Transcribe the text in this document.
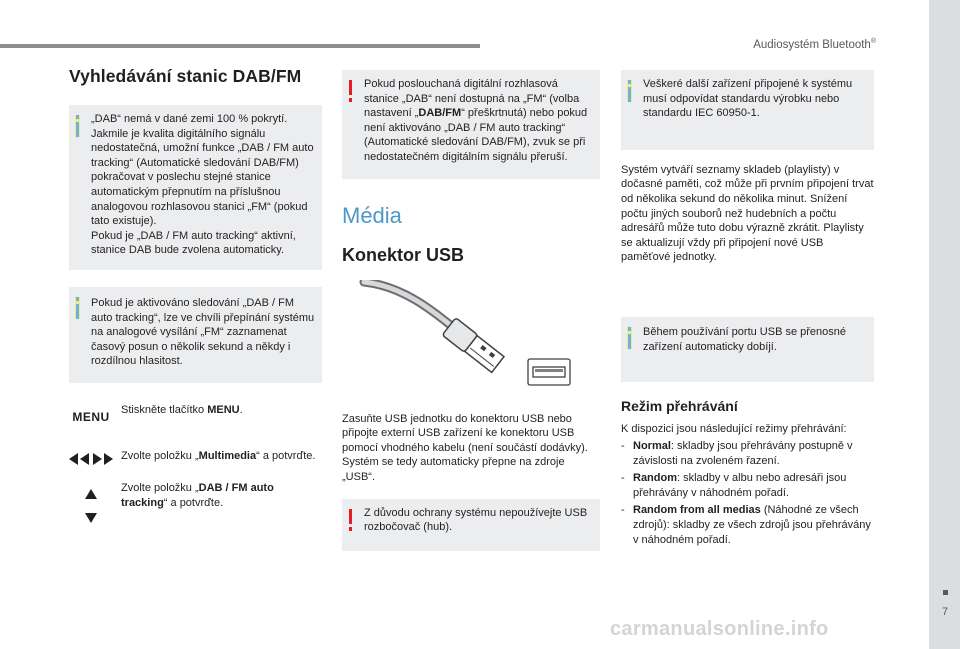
Audiosystém Bluetooth®
7
Vyhledávání stanic DAB/FM
„DAB“ nemá v dané zemi 100 % pokrytí. Jakmile je kvalita digitálního signálu nedostatečná, umožní funkce „DAB / FM auto tracking“ (Automatické sledování DAB/FM) pokračovat v poslechu stejné stanice automatickým přepnutím na příslušnou analogovou rozhlasovou stanici „FM“ (pokud tato existuje).
Pokud je „DAB / FM auto tracking“ aktivní, stanice DAB bude zvolena automaticky.
Pokud je aktivováno sledování „DAB / FM auto tracking“, lze ve chvíli přepínání systému na analogové vysílání „FM“ zaznamenat časový posun o několik sekund a někdy i rozdílnou hlasitost.
MENU Stiskněte tlačítko MENU.
Zvolte položku „Multimedia“ a potvrďte.
Zvolte položku „DAB / FM auto tracking“ a potvrďte.
Pokud poslouchaná digitální rozhlasová stanice „DAB“ není dostupná na „FM“ (volba nastavení „DAB/FM“ přeškrtnutá) nebo pokud není aktivováno „DAB / FM auto tracking“ (Automatické sledování DAB/FM), zvuk se při nedostatečném digitálním signálu přeruší.
Média
Konektor USB
Zasuňte USB jednotku do konektoru USB nebo připojte externí USB zařízení ke konektoru USB pomocí vhodného kabelu (není součástí dodávky).
Systém se tedy automaticky přepne na zdroje „USB“.
Z důvodu ochrany systému nepoužívejte USB rozbočovač (hub).
Veškeré další zařízení připojené k systému musí odpovídat standardu výrobku nebo standardu IEC 60950-1.
Systém vytváří seznamy skladeb (playlisty) v dočasné paměti, což může při prvním připojení trvat od několika sekund do několika minut. Snížení počtu jiných souborů než hudebních a počtu adresářů může tuto dobu výrazně zkrátit. Playlisty se aktualizují vždy při připojení nové USB paměťové jednotky.
Během používání portu USB se přenosné zařízení automaticky dobíjí.
Režim přehrávání
K dispozici jsou následující režimy přehrávání:
- Normal: skladby jsou přehrávány postupně v závislosti na zvoleném řazení.
- Random: skladby v albu nebo adresáři jsou přehrávány v náhodném pořadí.
- Random from all medias (Náhodné ze všech zdrojů): skladby ze všech zdrojů jsou přehrávány v náhodném pořadí.
carmanualsonline.info
